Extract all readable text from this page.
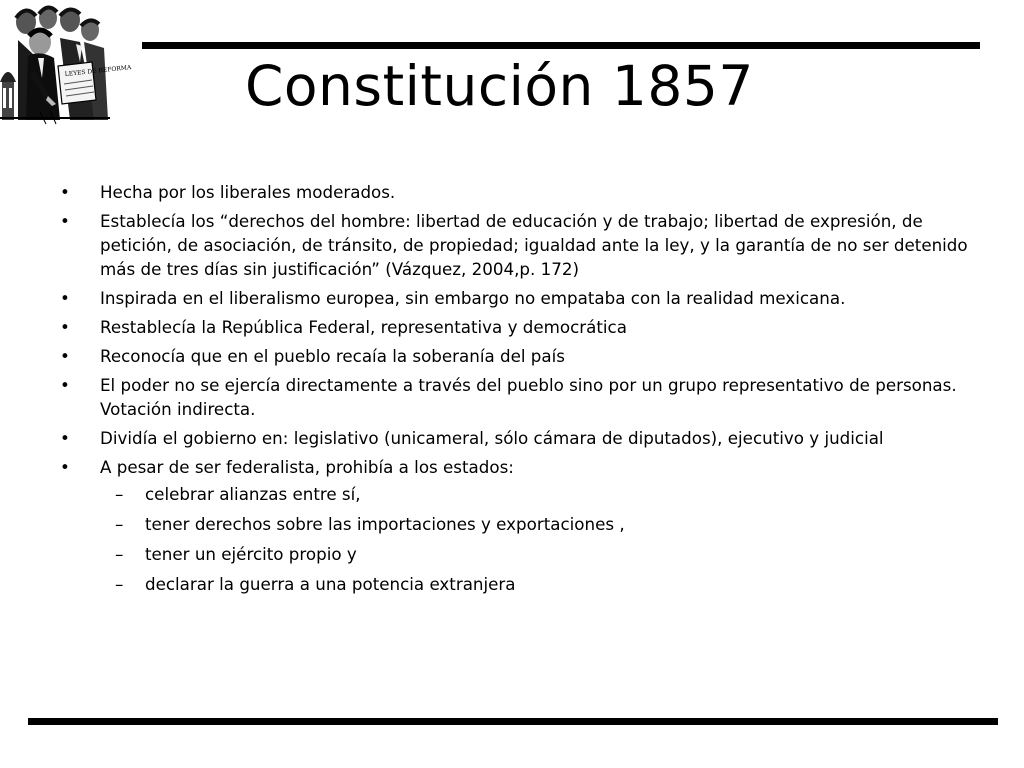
LEYES DE REFORMA Constitución 1857
• Hecha por los liberales moderados.
• Establecía los “derechos del hombre: libertad de educación y de trabajo; libertad de expresión, de petición, de asociación, de tránsito, de propiedad; igualdad ante la ley, y la garantía de no ser detenido más de tres días sin justificación” (Vázquez, 2004,p. 172)
• Inspirada en el liberalismo europea, sin embargo no empataba con la realidad mexicana.
• Restablecía la República Federal, representativa y democrática
• Reconocía que en el pueblo recaía la soberanía del país
• El poder no se ejercía directamente a través del pueblo sino por un grupo representativo de personas. Votación indirecta.
• Dividía el gobierno en: legislativo (unicameral, sólo cámara de diputados), ejecutivo y judicial
• A pesar de ser federalista, prohibía a los estados:
– celebrar alianzas entre sí,
– tener derechos sobre las importaciones y exportaciones ,
– tener un ejército propio y
– declarar la guerra a una potencia extranjera
